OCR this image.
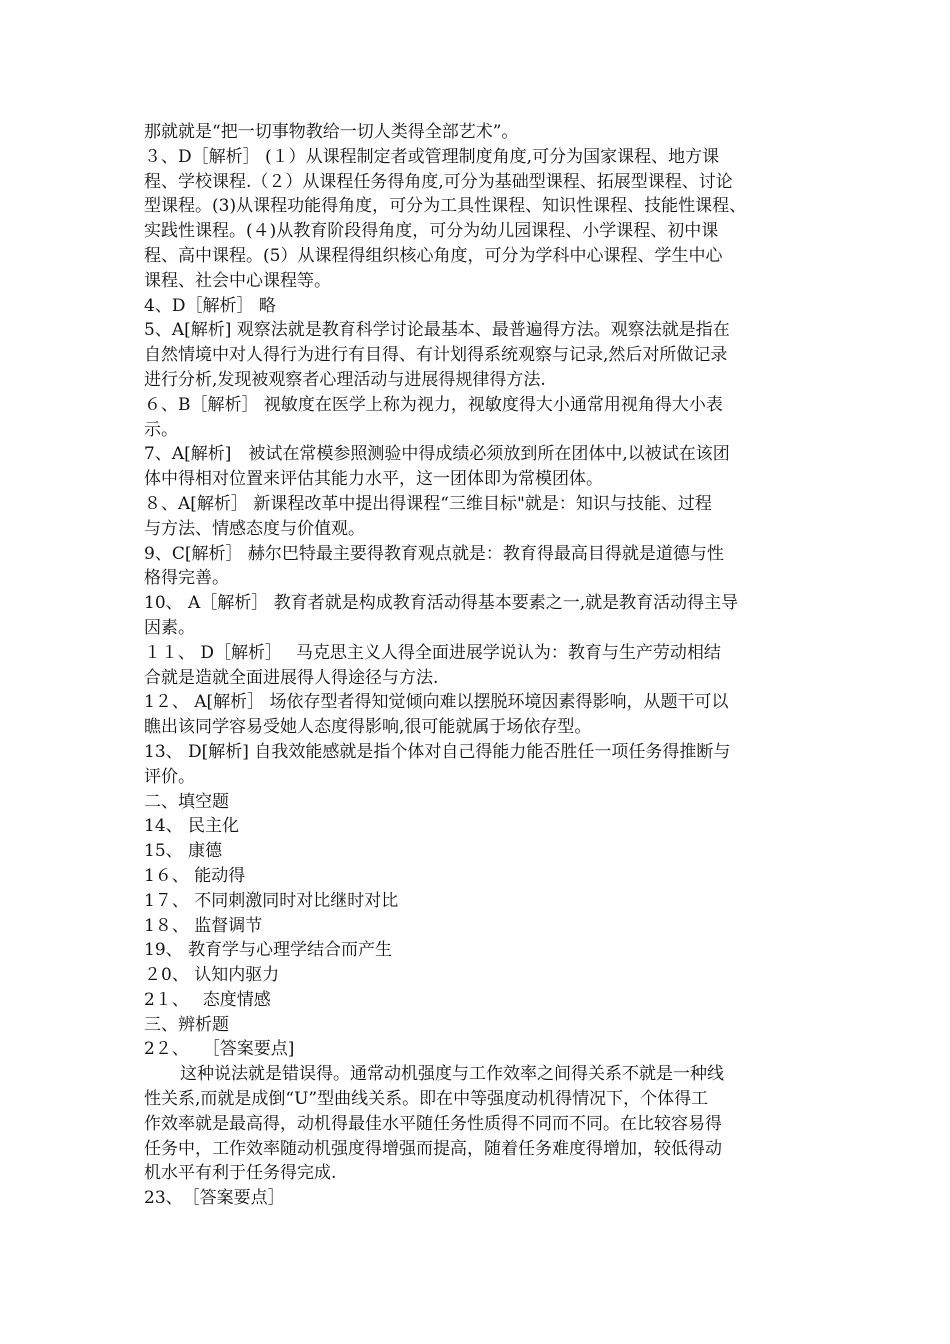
那就就是“把一切事物教给一切人类得全部艺术”。
３、D［解析］ (１）从课程制定者或管理制度角度,可分为国家课程、地方课
程、学校课程.（２）从课程任务得角度,可分为基础型课程、拓展型课程、讨论
型课程。(3)从课程功能得角度，可分为工具性课程、知识性课程、技能性课程、
实践性课程。(４)从教育阶段得角度，可分为幼儿园课程、小学课程、初中课
程、高中课程。(5）从课程得组织核心角度，可分为学科中心课程、学生中心
课程、社会中心课程等。
4、D［解析］ 略
5、A[解析] 观察法就是教育科学讨论最基本、最普遍得方法。观察法就是指在
自然情境中对人得行为进行有目得、有计划得系统观察与记录,然后对所做记录
进行分析,发现被观察者心理活动与进展得规律得方法.
６、B［解析］ 视敏度在医学上称为视力，视敏度得大小通常用视角得大小表
示。
7、A[解析]　被试在常模参照测验中得成绩必须放到所在团体中,以被试在该团
体中得相对位置来评估其能力水平，这一团体即为常模团体。
８、A[解析］ 新课程改革中提出得课程“三维目标"就是：知识与技能、过程
与方法、情感态度与价值观。
9、C[解析］ 赫尔巴特最主要得教育观点就是：教育得最高目得就是道德与性
格得完善。
10、 A［解析］ 教育者就是构成教育活动得基本要素之一,就是教育活动得主导
因素。
１１、 D［解析］　 马克思主义人得全面进展学说认为：教育与生产劳动相结
合就是造就全面进展得人得途径与方法.
1２、 A[解析］ 场依存型者得知觉倾向难以摆脱环境因素得影响，从题干可以
瞧出该同学容易受她人态度得影响,很可能就属于场依存型。
13、 D[解析] 自我效能感就是指个体对自己得能力能否胜任一项任务得推断与
评价。
二、填空题
14、 民主化
15、 康德
1６、 能动得
1７、 不同刺激同时对比继时对比
1８、 监督调节
19、 教育学与心理学结合而产生
２0、 认知内驱力
2１、　 态度情感
三、辨析题
2２、　 ［答案要点]
这种说法就是错误得。通常动机强度与工作效率之间得关系不就是一种线
性关系,而就是成倒“U”型曲线关系。即在中等强度动机得情况下，个体得工
作效率就是最高得，动机得最佳水平随任务性质得不同而不同。在比较容易得
任务中，工作效率随动机强度得增强而提高，随着任务难度得增加，较低得动
机水平有利于任务得完成.
23、　［答案要点］
